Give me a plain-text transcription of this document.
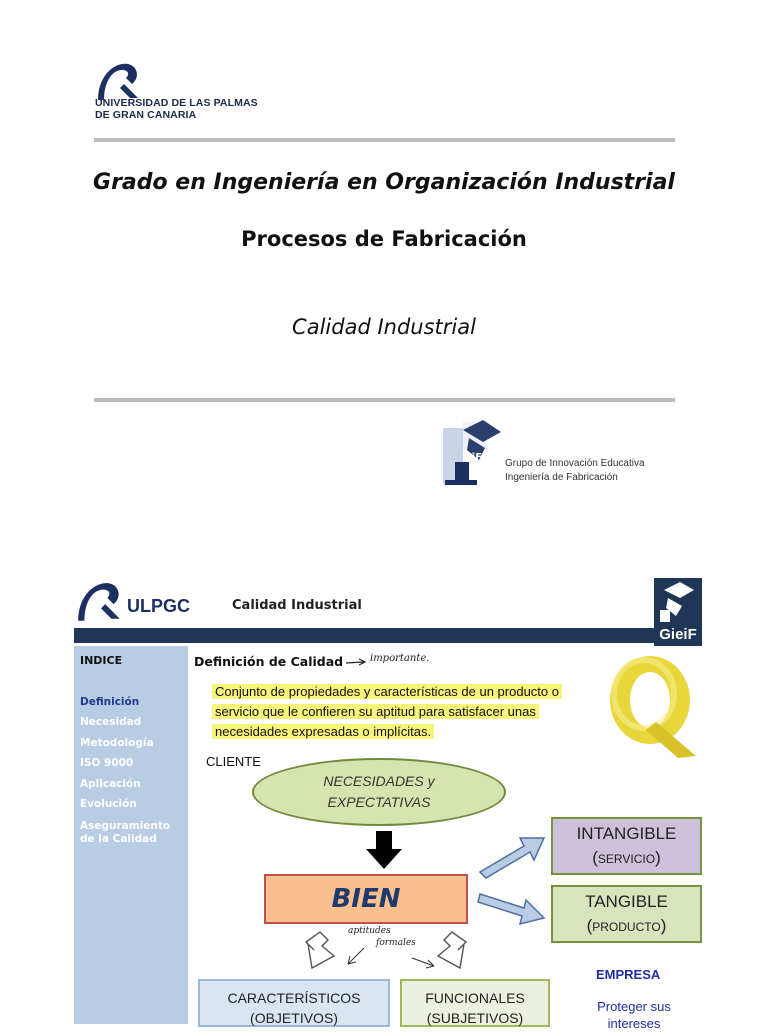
UNIVERSIDAD DE LAS PALMAS
DE GRAN CANARIA
Grado en Ingeniería en Organización Industrial
Procesos de Fabricación
Calidad Industrial
eiF
Grupo de Innovación Educativa
Ingeniería de Fabricación
ULPGC	Calidad Industrial
GieiF
INDICE
Definición
Necesidad
Metodología
ISO 9000
Aplicación
Evolución
Aseguramiento de la Calidad
Definición de Calidad	importante.
Conjunto de propiedades y características de un producto o
servicio que le confieren su aptitud para satisfacer unas
necesidades expresadas o implícitas.
CLIENTE
NECESIDADES y
EXPECTATIVAS
BIEN
INTANGIBLE
(SERVICIO)
TANGIBLE
(PRODUCTO)
aptitudes
formales
CARACTERÍSTICOS
(OBJETIVOS)
FUNCIONALES
(SUBJETIVOS)
EMPRESA
Proteger sus
intereses
